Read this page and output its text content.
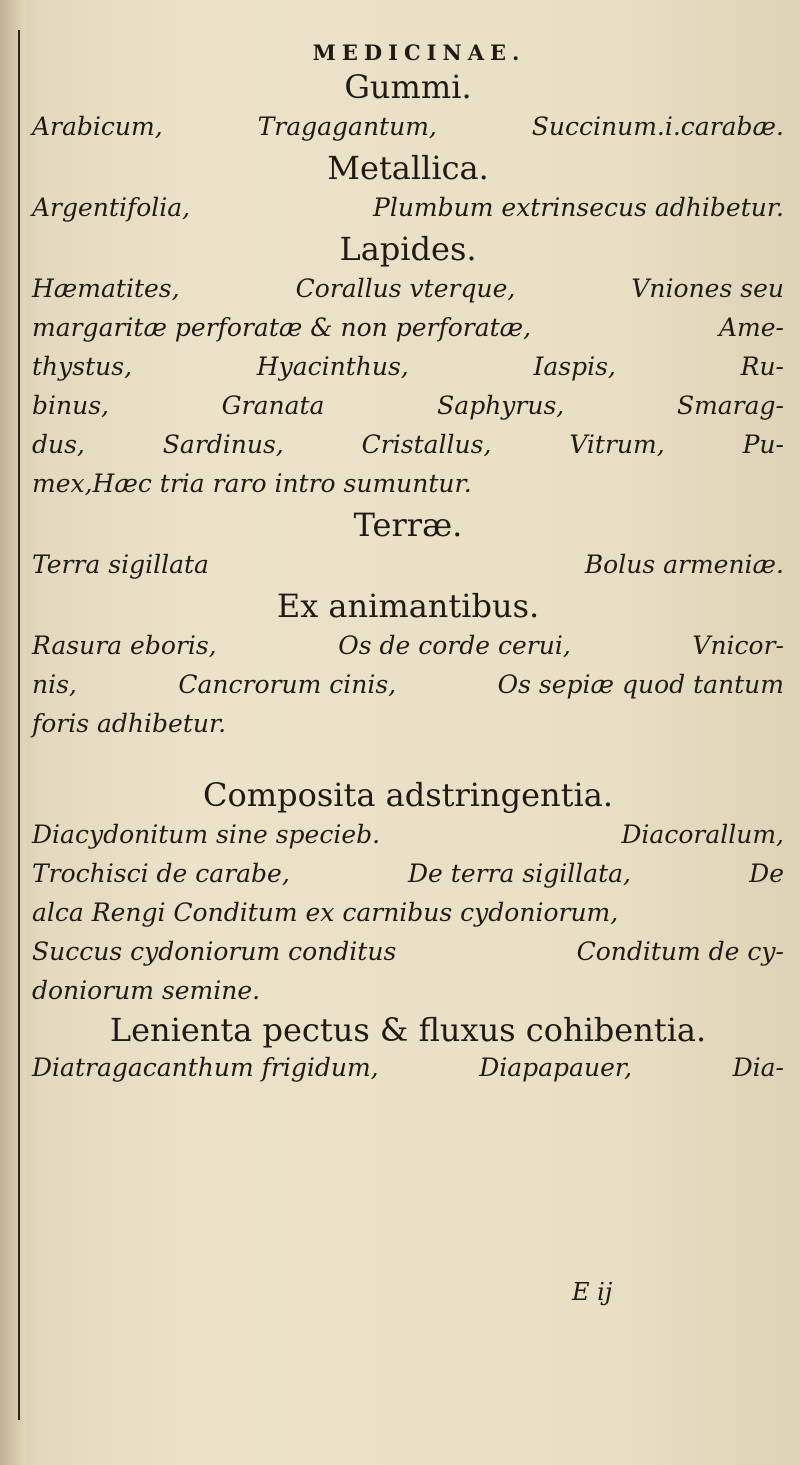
MEDICINAE.
Gummi.
Arabicum,	Tragagantum,	Succinum.i.carabæ.
Metallica.
Argentifolia,	Plumbum extrinsecus adhibetur.
Lapides.
Hæmatites,	Corallus vterque,	Vniones seu
margaritæ perforatæ & non perforatæ,	Ame-
thystus,	Hyacinthus,	Iaspis,	Ru-
binus,	Granata	Saphyrus,	Smarag-
dus,	Sardinus,	Cristallus,	Vitrum,	Pu-
mex,Hæc tria raro intro sumuntur.
Terræ.
Terra sigillata	Bolus armeniæ.
Ex animantibus.
Rasura eboris,	Os de corde cerui,	Vnicor-
nis,	Cancrorum cinis,	Os sepiæ quod tantum
foris adhibetur.
Composita adstringentia.
Diacydonitum sine specieb.	Diacorallum,
Trochisci de carabe,	De terra sigillata,	De
alca Rengi Conditum ex carnibus cydoniorum,
Succus cydoniorum conditus	Conditum de cy-
doniorum semine.
Lenienta pectus & fluxus cohibentia.
Diatragacanthum frigidum,	Diapapauer,	Dia-
E ij
